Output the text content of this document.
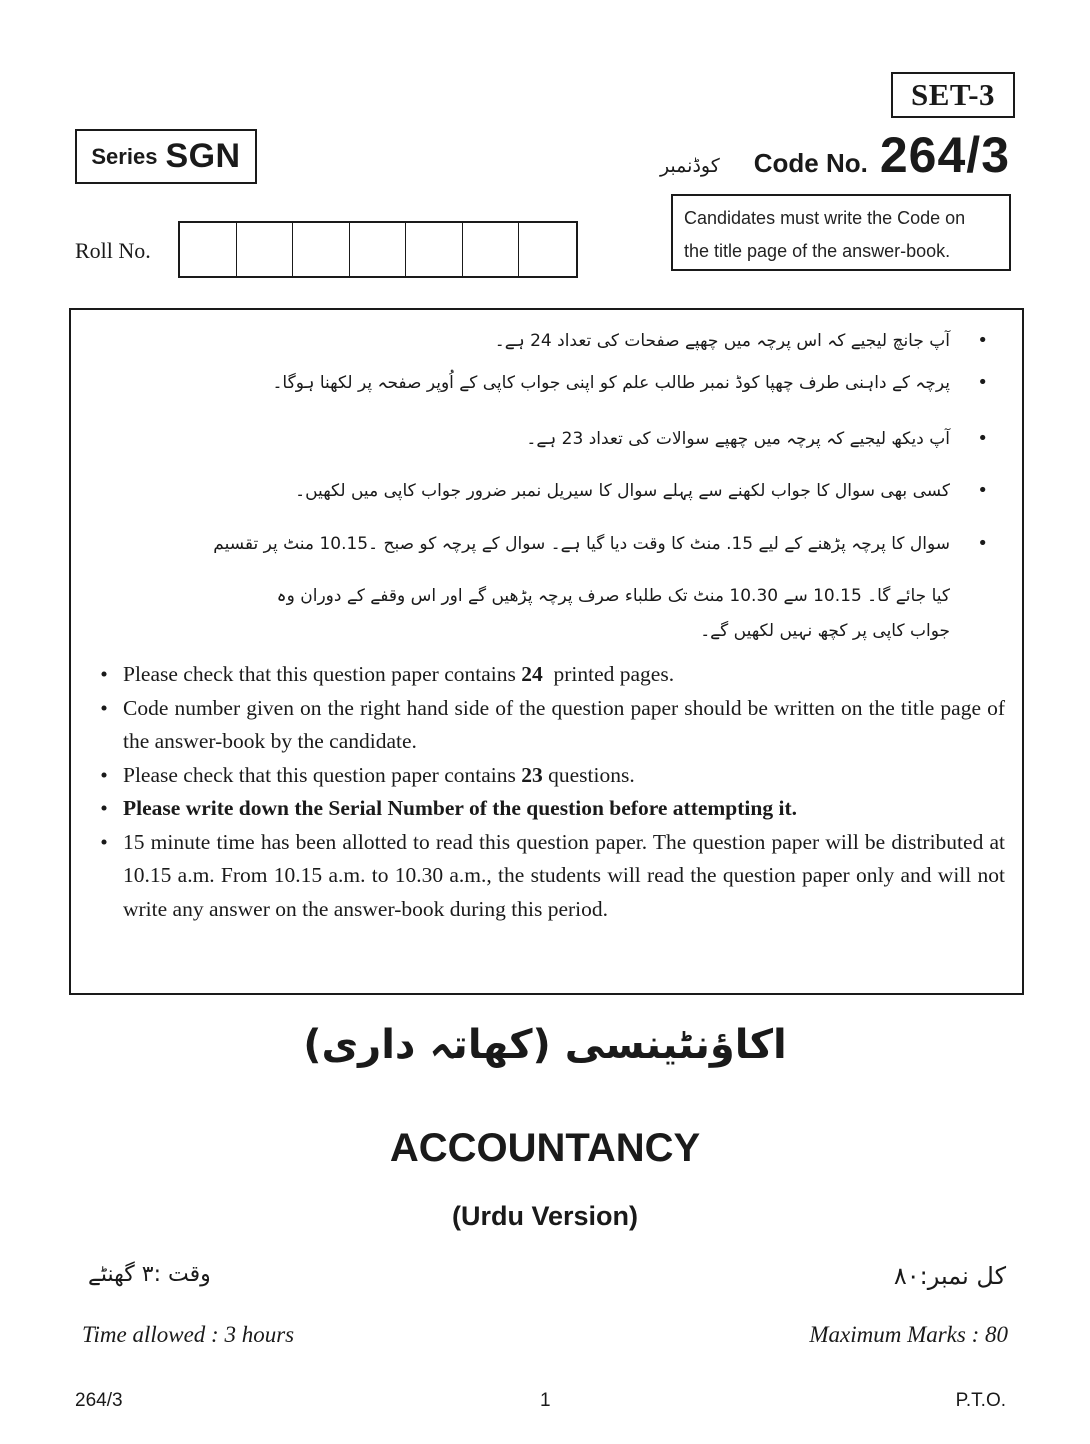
SET-3
Series SGN	کوڈنمبر Code No. 264/3
Candidates must write the Code on
the title page of the answer-book.
Roll No.
•
آپ جانچ لیجیے کہ اس پرچہ میں چھپے صفحات کی تعداد 24 ہے۔
•
پرچہ کے داہنی طرف چھپا کوڈ نمبر طالب علم کو اپنی جواب کاپی کے اُوپر صفحہ پر لکھنا ہوگا۔
•
آپ دیکھ لیجیے کہ پرچہ میں چھپے سوالات کی تعداد 23 ہے۔
•
کسی بھی سوال کا جواب لکھنے سے پہلے سوال کا سیریل نمبر ضرور جواب کاپی میں لکھیں۔
•
سوال کا پرچہ پڑھنے کے لیے 15. منٹ کا وقت دیا گیا ہے۔ سوال کے پرچہ کو صبح ۔10.15 منٹ پر تقسیم
کیا جائے گا۔ 10.15 سے 10.30 منٹ تک طلباء صرف پرچہ پڑھیں گے اور اس وقفے کے دوران وہ
جواب کاپی پر کچھ نہیں لکھیں گے۔
• Please check that this question paper contains 24  printed pages.
• Code number given on the right hand side of the question paper should be written on the title page of the answer-book by the candidate.
• Please check that this question paper contains 23 questions.
• Please write down the Serial Number of the question before attempting it.
• 15 minute time has been allotted to read this question paper. The question paper will be distributed at 10.15 a.m. From 10.15 a.m. to 10.30 a.m., the students will read the question paper only and will not write any answer on the answer-book during this period.
اکاؤنٹینسی (کھاتہ داری)
ACCOUNTANCY
(Urdu Version)
وقت :۳ گھنٹے	کل نمبر:۸۰
Time allowed : 3 hours	Maximum Marks : 80
264/3	1	P.T.O.
